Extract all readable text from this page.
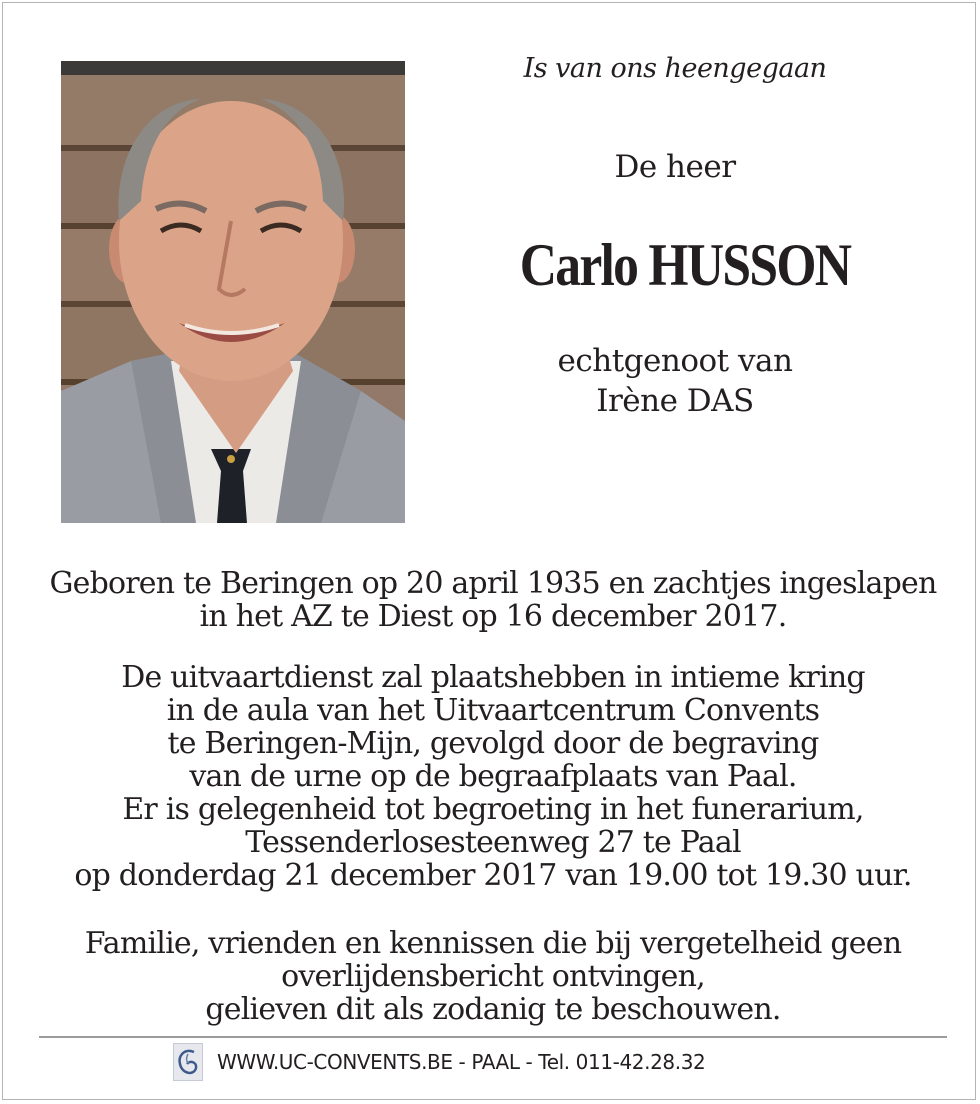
Is van ons heengegaan
De heer
Carlo HUSSON
echtgenoot van
Irène DAS
Geboren te Beringen op 20 april 1935 en zachtjes ingeslapen
in het AZ te Diest op 16 december 2017.
De uitvaartdienst zal plaatshebben in intieme kring
in de aula van het Uitvaartcentrum Convents
te Beringen-Mijn, gevolgd door de begraving
van de urne op de begraafplaats van Paal.
Er is gelegenheid tot begroeting in het funerarium,
Tessenderlosesteenweg 27 te Paal
op donderdag 21 december 2017 van 19.00 tot 19.30 uur.
Familie, vrienden en kennissen die bij vergetelheid geen
overlijdensbericht ontvingen,
gelieven dit als zodanig te beschouwen.
WWW.UC-CONVENTS.BE - PAAL - Tel. 011-42.28.32
